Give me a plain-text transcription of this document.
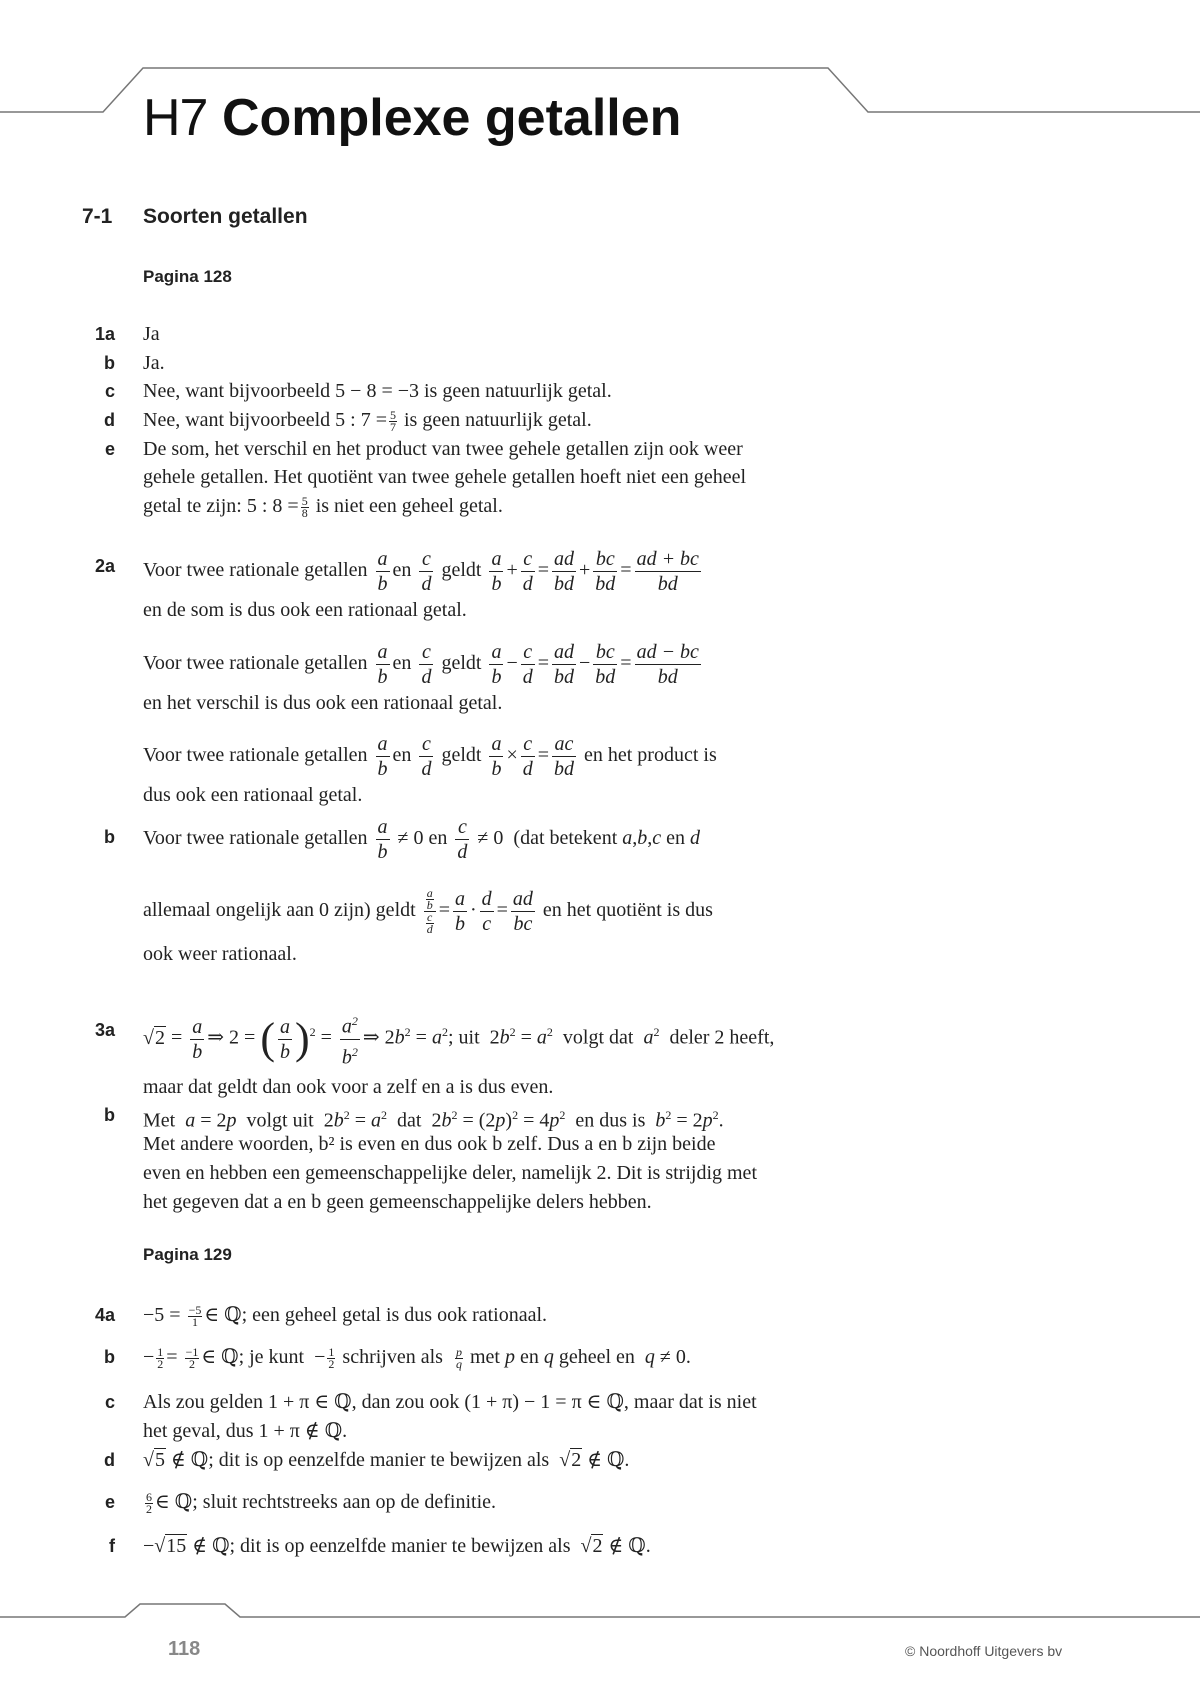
H7 Complexe getallen
7-1 Soorten getallen
Pagina 128
1a Ja
b Ja.
c Nee, want bijvoorbeeld 5 − 8 = −3 is geen natuurlijk getal.
d Nee, want bijvoorbeeld 5 : $7 = \frac{5}{7}$ is geen natuurlijk getal.
e De som, het verschil en het product van twee gehele getallen zijn ook weer
gehele getallen. Het quotiënt van twee gehele getallen hoeft niet een geheel
getal te zijn: 5 : $8 = \frac{5}{8}$ is niet een geheel getal.
2a Voor twee rationale getallen $\frac{a}{b}$ en $\frac{c}{d}$ geldt $\frac{a}{b} + \frac{c}{d} = \frac{ad}{bd} + \frac{bc}{bd} = \frac{ad + bc}{bd}$
en de som is dus ook een rationaal getal.
Voor twee rationale getallen $\frac{a}{b}$ en $\frac{c}{d}$ geldt $\frac{a}{b} - \frac{c}{d} = \frac{ad}{bd} - \frac{bc}{bd} = \frac{ad - bc}{bd}$
en het verschil is dus ook een rationaal getal.
Voor twee rationale getallen $\frac{a}{b}$ en $\frac{c}{d}$ geldt $\frac{a}{b} \times \frac{c}{d} = \frac{ac}{bd}$ en het product is
dus ook een rationaal getal.
b Voor twee rationale getallen $\frac{a}{b} \ne 0$ en $\frac{c}{d} \ne 0$  (dat betekent a,b,c en d
allemaal ongelijk aan 0 zijn) geldt $\frac{\frac{a}{b}}{\frac{c}{d}} = \frac{a}{b} \cdot \frac{d}{c} = \frac{ad}{bc}$ en het quotiënt is dus
ook weer rationaal.
3a $√2 = \frac{a}{b}$ ⇒ 2 = ( $\frac{a}{b} )^2 = \frac{a^2}{b^2}$ ⇒ $2b^2 = a^2$; uit  $2b^2 = a^2$ volgt dat $a^2$ deler 2 heeft,
maar dat geldt dan ook voor a zelf en a is dus even.
b Met  a = 2p  volgt uit  $2b^2 = a^2$  dat  $2b^2 = (2p)^2 = 4p^2$  en dus is  $b^2 = 2p^2$.
Met andere woorden, b² is even en dus ook b zelf. Dus a en b zijn beide
even en hebben een gemeenschappelijke deler, namelijk 2. Dit is strijdig met
het gegeven dat a en b geen gemeenschappelijke delers hebben.
Pagina 129
$4a -5 = \frac{-5}{1}$ ∈ ℚ; een geheel getal is dus ook rationaal.
$b - \frac{1}{2} = \frac{-1}{2}$ ∈ ℚ; je kunt  − $\frac{1}{2}$ schrijven als $\frac{p}{q}$ met p en q geheel en  q ≠ 0.
c Als zou gelden 1 + π ∈ ℚ, dan zou ook (1 + π) − 1 = π ∈ ℚ, maar dat is niet
het geval, dus 1 + π ∉ ℚ.
d √5 ∉ ℚ; dit is op eenzelfde manier te bewijzen als √2 ∉ ℚ.
e	$\frac{6}{2}$ ∈ ℚ; sluit rechtstreeks aan op de definitie.
f −√15 ∉ ℚ; dit is op eenzelfde manier te bewijzen als √2 ∉ ℚ.
118	© Noordhoff Uitgevers bv
